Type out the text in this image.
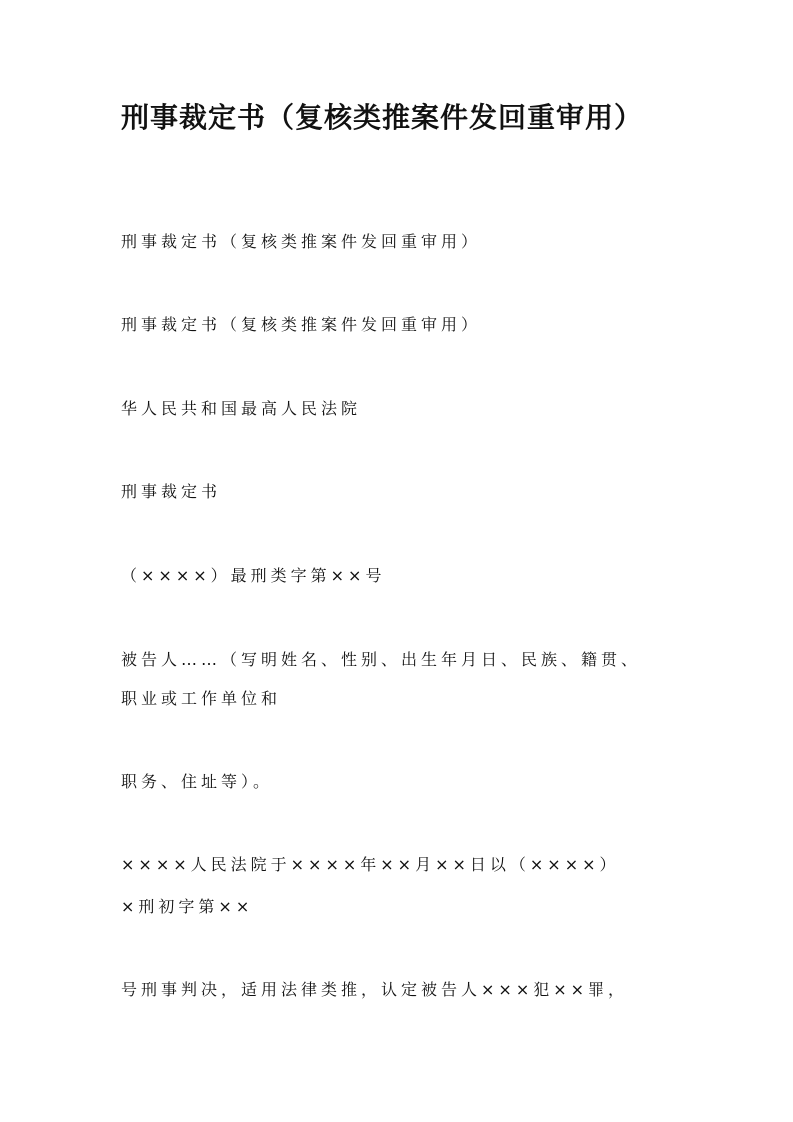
刑事裁定书（复核类推案件发回重审用）
刑事裁定书（复核类推案件发回重审用）
刑事裁定书（复核类推案件发回重审用）
华人民共和国最高人民法院
刑事裁定书
（××××）最刑类字第××号
被告人……（写明姓名、性别、出生年月日、民族、籍贯、
职业或工作单位和
职务、住址等）。
××××人民法院于××××年××月××日以（××××）
×刑初字第××
号刑事判决，适用法律类推，认定被告人×××犯××罪，
